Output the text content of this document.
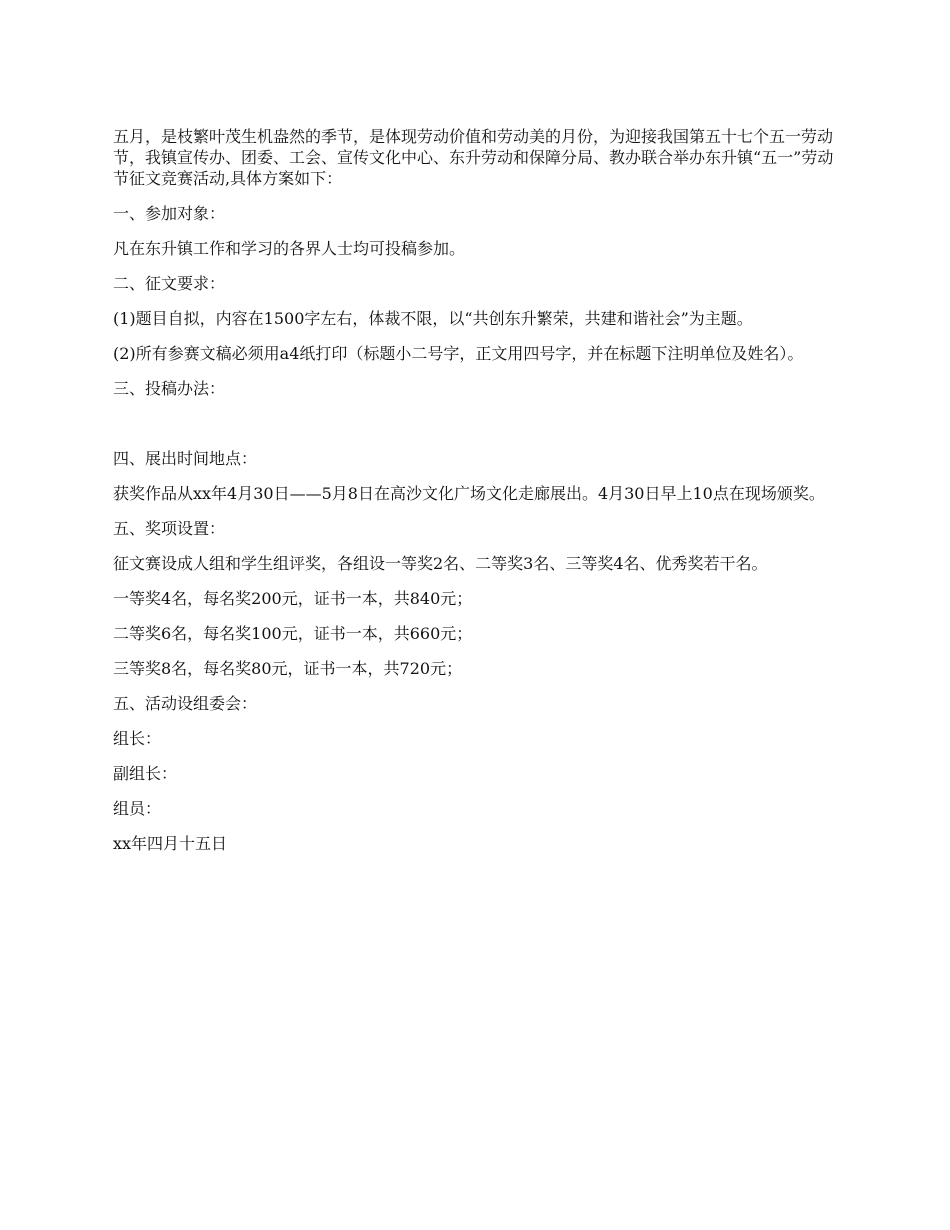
五月，是枝繁叶茂生机盎然的季节，是体现劳动价值和劳动美的月份，为迎接我国第五十七个五一劳动节，我镇宣传办、团委、工会、宣传文化中心、东升劳动和保障分局、教办联合举办东升镇“五一”劳动节征文竞赛活动,具体方案如下：

一、参加对象：

凡在东升镇工作和学习的各界人士均可投稿参加。

二、征文要求：

(1)题目自拟，内容在1500字左右，体裁不限，以“共创东升繁荣，共建和谐社会”为主题。

(2)所有参赛文稿必须用a4纸打印（标题小二号字，正文用四号字，并在标题下注明单位及姓名）。

三、投稿办法：

四、展出时间地点：

获奖作品从xx年4月30日——5月8日在高沙文化广场文化走廊展出。4月30日早上10点在现场颁奖。

五、奖项设置：

征文赛设成人组和学生组评奖，各组设一等奖2名、二等奖3名、三等奖4名、优秀奖若干名。

一等奖4名，每名奖200元，证书一本，共840元；

二等奖6名，每名奖100元，证书一本，共660元；

三等奖8名，每名奖80元，证书一本，共720元；

五、活动设组委会：

组长：

副组长：

组员：

xx年四月十五日
